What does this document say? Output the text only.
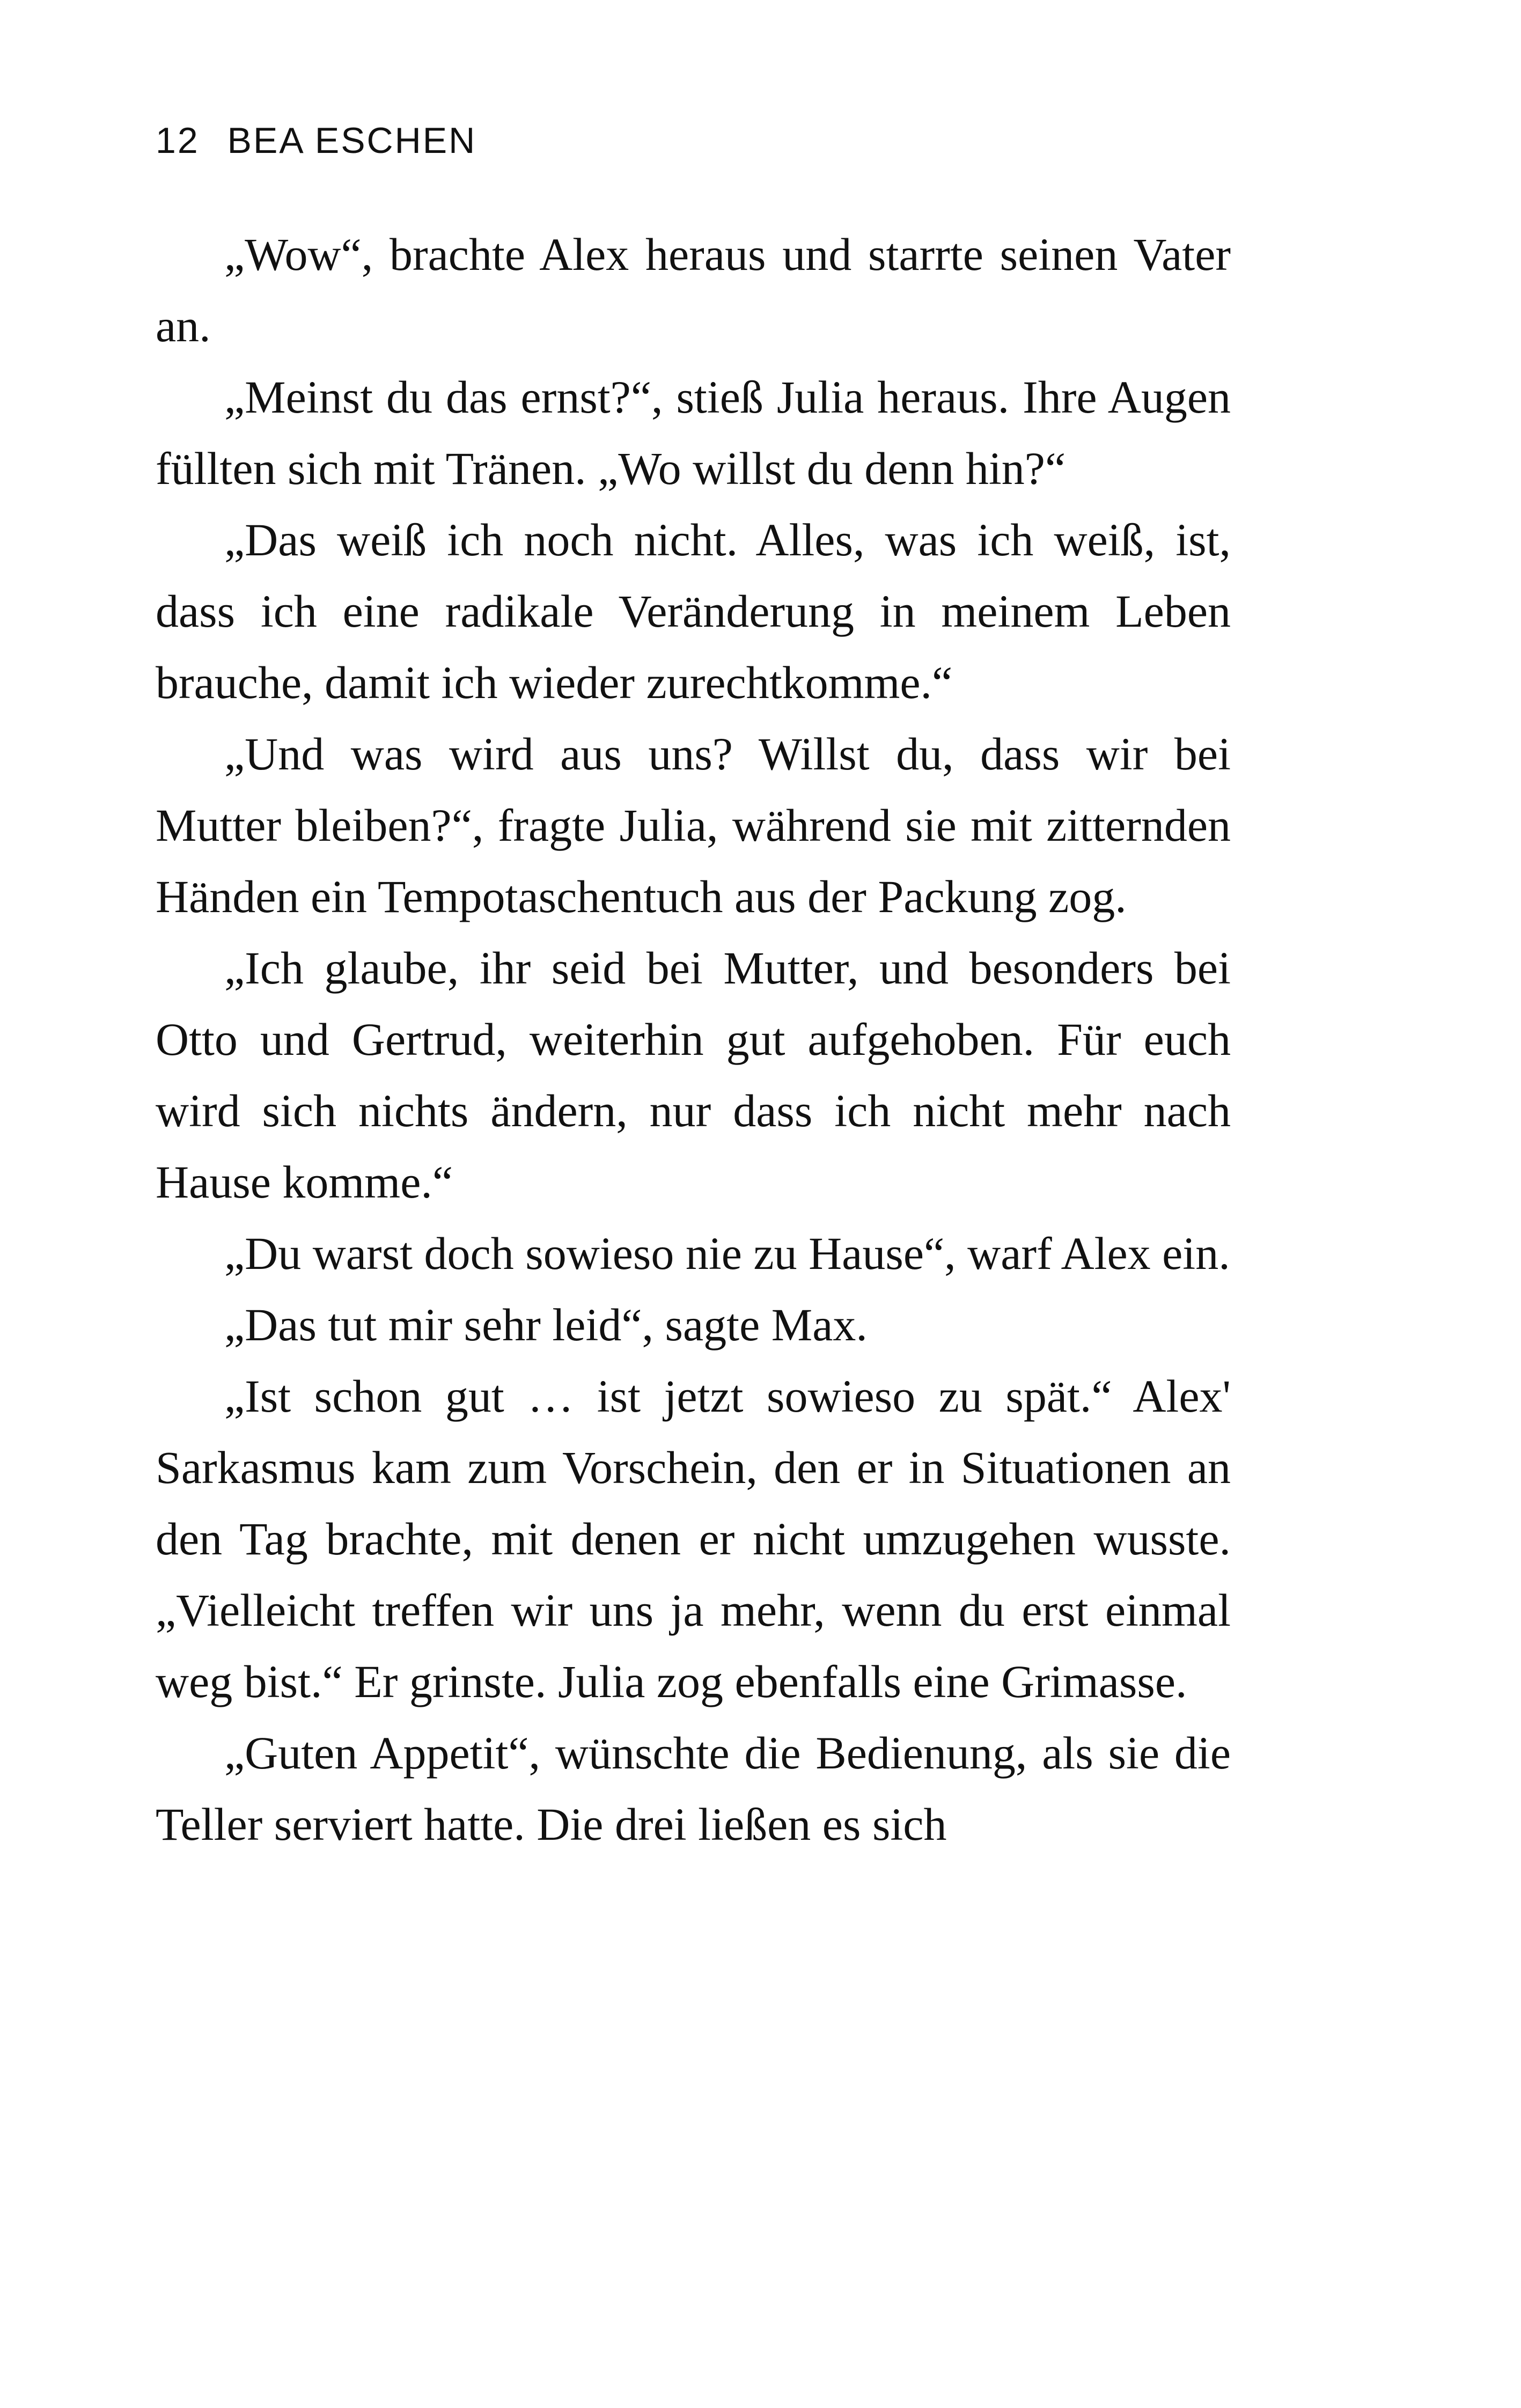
12 BEA ESCHEN

„Wow“, brachte Alex heraus und starrte seinen Vater an.

„Meinst du das ernst?“, stieß Julia heraus. Ihre Augen füllten sich mit Tränen. „Wo willst du denn hin?“

„Das weiß ich noch nicht. Alles, was ich weiß, ist, dass ich eine radikale Veränderung in meinem Leben brauche, damit ich wieder zurechtkomme.“

„Und was wird aus uns? Willst du, dass wir bei Mutter bleiben?“, fragte Julia, während sie mit zitternden Händen ein Tempotaschentuch aus der Packung zog.

„Ich glaube, ihr seid bei Mutter, und besonders bei Otto und Gertrud, weiterhin gut aufgehoben. Für euch wird sich nichts ändern, nur dass ich nicht mehr nach Hause komme.“

„Du warst doch sowieso nie zu Hause“, warf Alex ein.

„Das tut mir sehr leid“, sagte Max.

„Ist schon gut … ist jetzt sowieso zu spät.“ Alex' Sarkasmus kam zum Vorschein, den er in Situationen an den Tag brachte, mit denen er nicht umzugehen wusste. „Vielleicht treffen wir uns ja mehr, wenn du erst einmal weg bist.“ Er grinste. Julia zog ebenfalls eine Grimasse.

„Guten Appetit“, wünschte die Bedienung, als sie die Teller serviert hatte. Die drei ließen es sich
